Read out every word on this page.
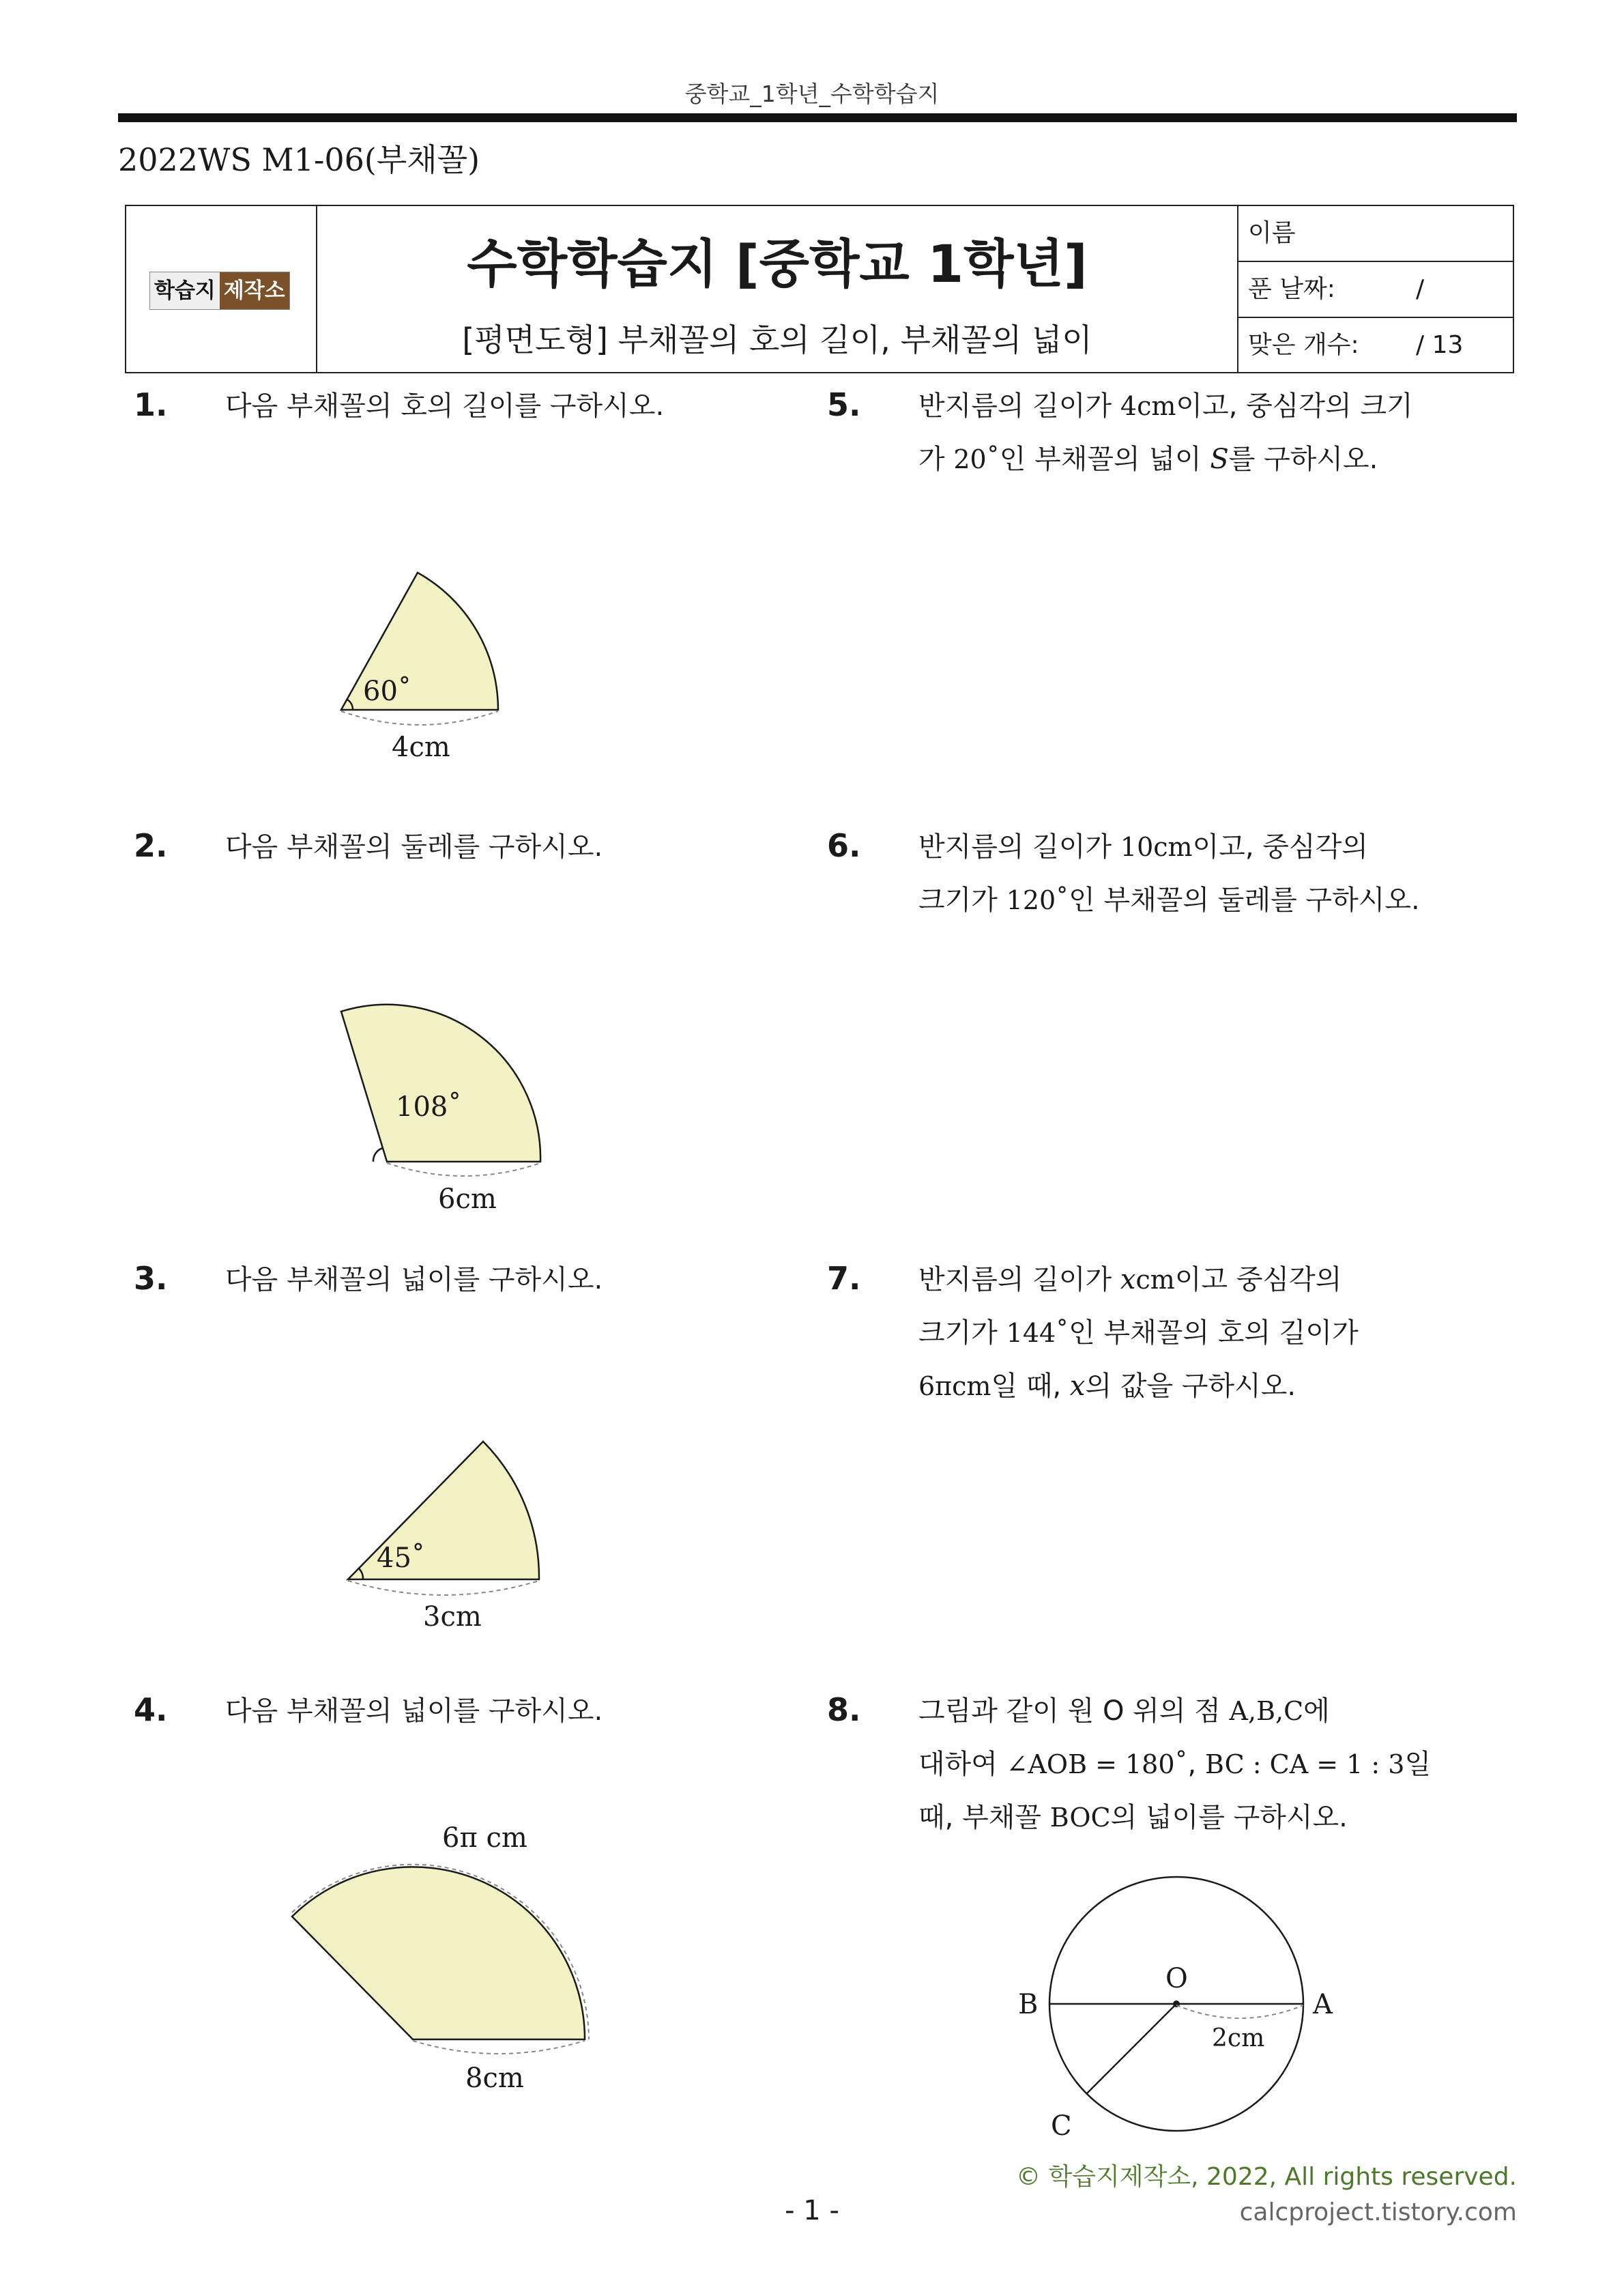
중학교_1학년_수학학습지
2022WS M1-06(부채꼴)
학습지 제작소	수학학습지 [중학교 1학년]
[평면도형] 부채꼴의 호의 길이, 부채꼴의 넓이
이름
푼 날짜:	/
맞은 개수: / 13
1. 다음 부채꼴의 호의 길이를 구하시오.
60˚
4cm
2. 다음 부채꼴의 둘레를 구하시오.
108˚
6cm
3. 다음 부채꼴의 넓이를 구하시오.
45˚
3cm
4. 다음 부채꼴의 넓이를 구하시오.
6π cm
8cm
5. 반지름의 길이가 4cm이고, 중심각의 크기
가 20˚인 부채꼴의 넓이 S를 구하시오.
6. 반지름의 길이가 10cm이고, 중심각의
크기가 120˚인 부채꼴의 둘레를 구하시오.
7. 반지름의 길이가 xcm이고 중심각의
크기가 144˚인 부채꼴의 호의 길이가
6πcm일 때, x의 값을 구하시오.
8. 그림과 같이 원 O 위의 점 A,B,C에
대하여 ∠AOB = 180˚, BC : CA = 1 : 3일
때, 부채꼴 BOC의 넓이를 구하시오.
O
A
B
C
2cm
© 학습지제작소, 2022, All rights reserved.
calcproject.tistory.com
- 1 -
